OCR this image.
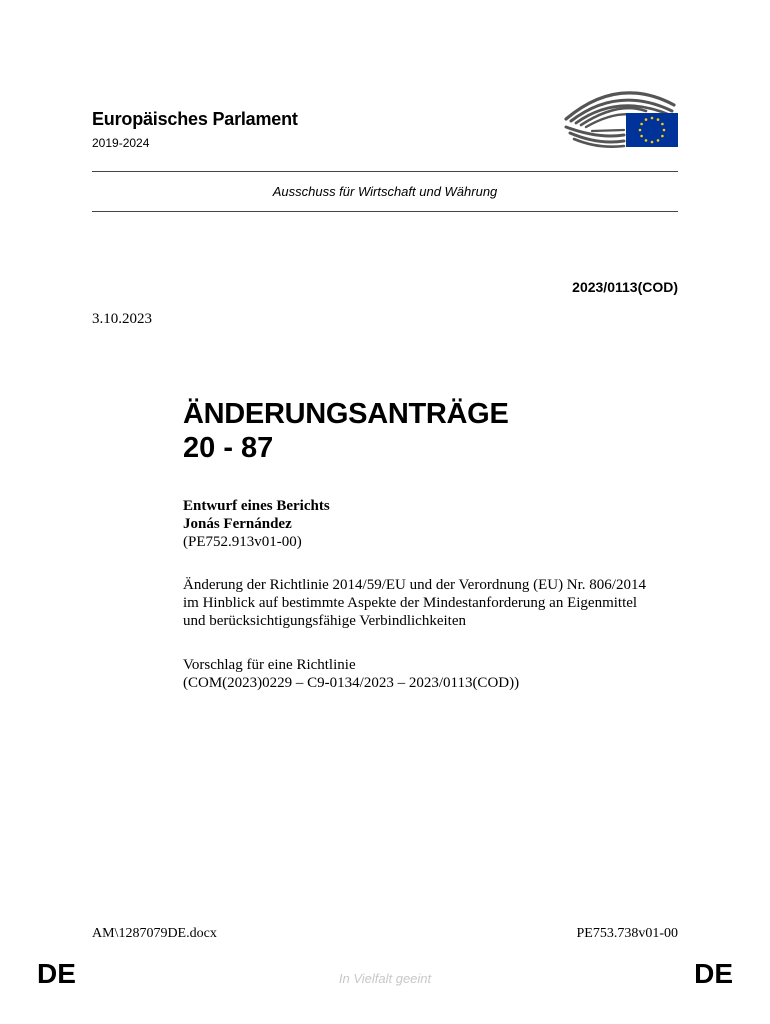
Europäisches Parlament
2019-2024
Ausschuss für Wirtschaft und Währung
2023/0113(COD)
3.10.2023
ÄNDERUNGSANTRÄGE
20 - 87
Entwurf eines Berichts
Jonás Fernández
(PE752.913v01-00)
Änderung der Richtlinie 2014/59/EU und der Verordnung (EU) Nr. 806/2014
im Hinblick auf bestimmte Aspekte der Mindestanforderung an Eigenmittel
und berücksichtigungsfähige Verbindlichkeiten
Vorschlag für eine Richtlinie
(COM(2023)0229 – C9-0134/2023 – 2023/0113(COD))
AM\1287079DE.docx	PE753.738v01-00
DE	In Vielfalt geeint	DE
